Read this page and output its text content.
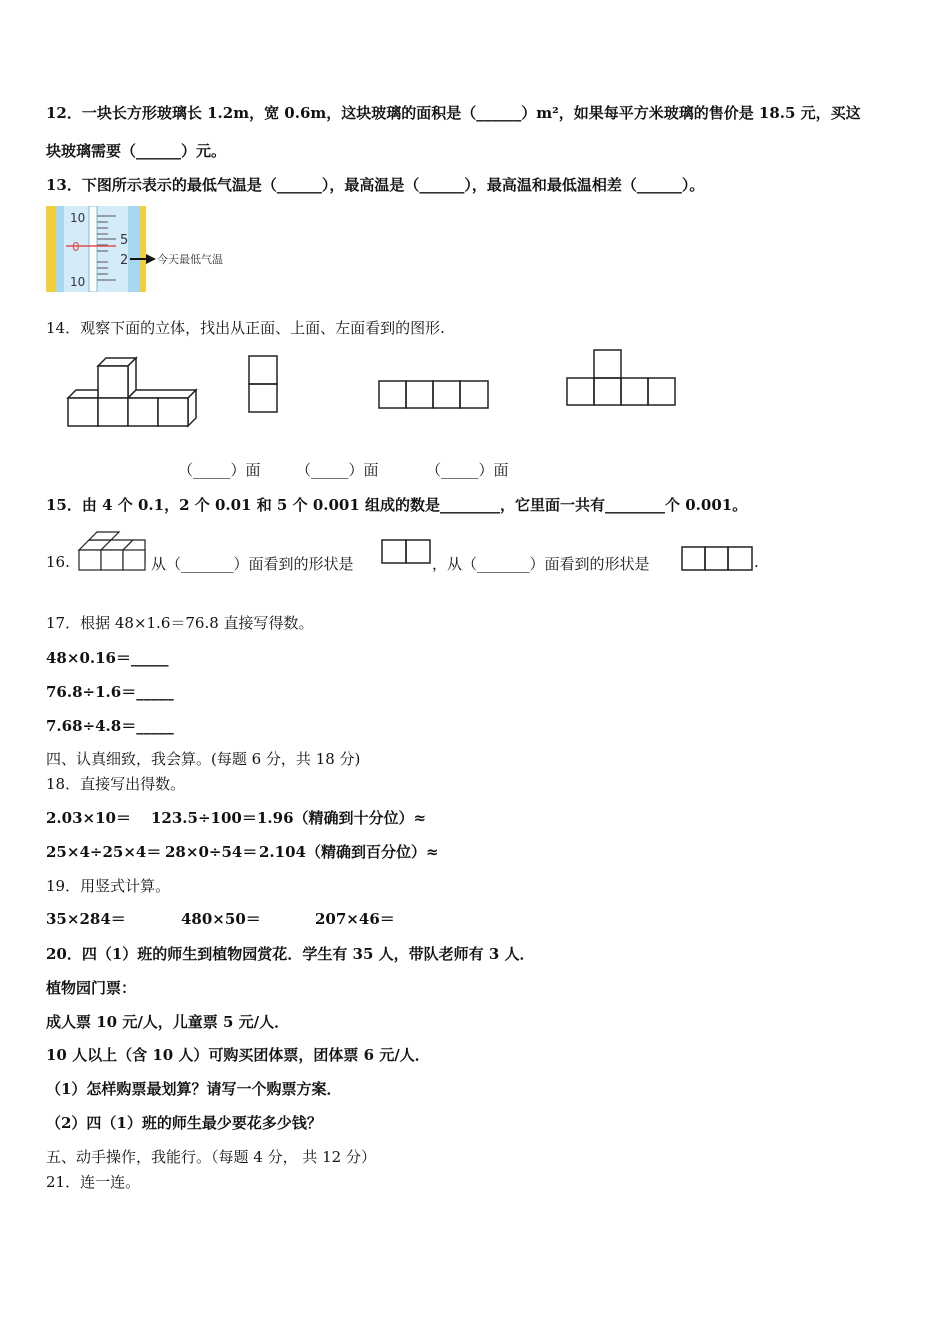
12．一块长方形玻璃长 1.2m，宽 0.6m，这块玻璃的面积是（______）m²，如果每平方米玻璃的售价是 18.5 元，买这
块玻璃需要（______）元。
13．下图所示表示的最低气温是（______），最高温是（______），最高温和最低温相差（______）。
10
5
0
2
10
今天最低气温
14．观察下面的立体，找出从正面、上面、左面看到的图形.
（_____）面 （_____）面	（_____）面
15．由 4 个 0.1，2 个 0.01 和 5 个 0.001 组成的数是________，它里面一共有________个 0.001。
16.	从（_______）面看到的形状是	，从（_______）面看到的形状是	.
17．根据 48×1.6＝76.8 直接写得数。
48×0.16＝_____
76.8÷1.6＝_____
7.68÷4.8＝_____
四、认真细致，我会算。(每题 6 分，共 18 分)
18．直接写出得数。
2.03×10＝ 123.5÷100＝ 1.96（精确到十分位）≈
25×4÷25×4＝ 28×0÷54＝ 2.104（精确到百分位）≈
19．用竖式计算。
35×284＝	480×50＝	207×46＝
20．四（1）班的师生到植物园赏花．学生有 35 人，带队老师有 3 人．
植物园门票：
成人票 10 元/人，儿童票 5 元/人．
10 人以上（含 10 人）可购买团体票，团体票 6 元/人．
（1）怎样购票最划算？请写一个购票方案．
（2）四（1）班的师生最少要花多少钱？
五、动手操作，我能行。（每题 4 分， 共 12 分）
21．连一连。
